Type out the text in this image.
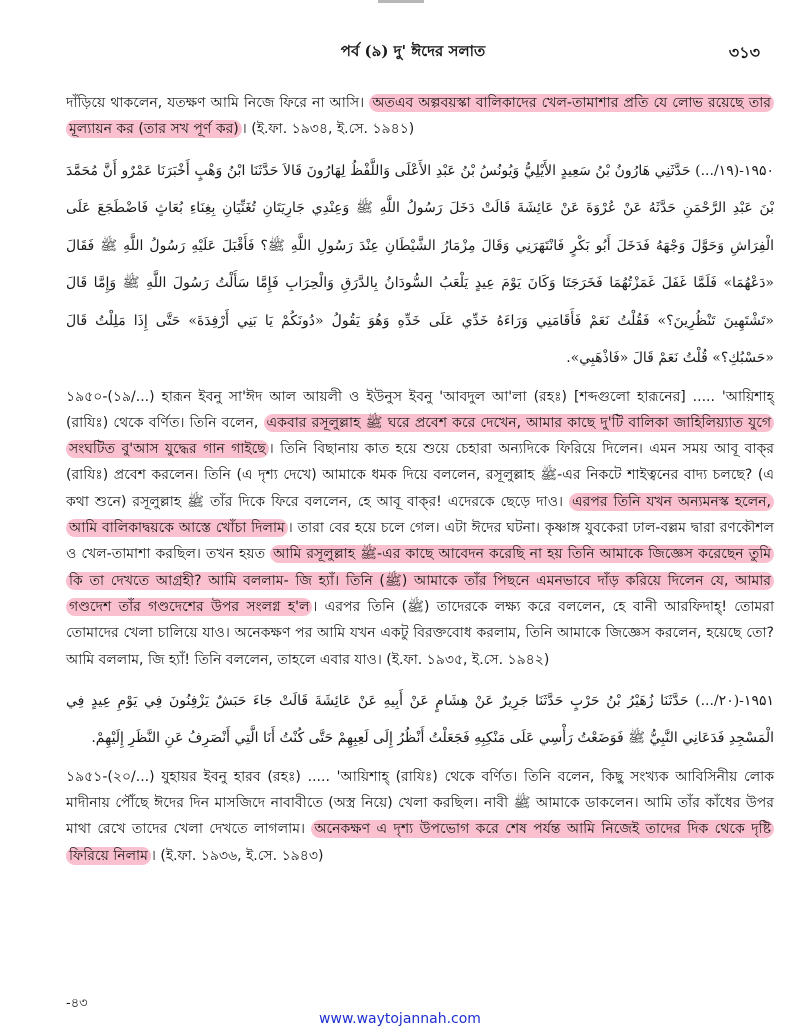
পর্ব (৯) দু' ঈদের সলাত	৩১৩

দাঁড়িয়ে থাকলেন, যতক্ষণ আমি নিজে ফিরে না আসি। অতএব অল্পবয়স্কা বালিকাদের খেল-তামাশার প্রতি যে লোভ রয়েছে তার মূল্যায়ন কর (তার সখ পূর্ণ কর) । (ই.ফা. ১৯৩৪, ই.সে. ১৯৪১)

۱۹۵۰-(۱۹/...) حَدَّثَنِي هَارُونُ بْنُ سَعِيدٍ الأَيْلِيُّ وَيُونُسُ بْنُ عَبْدِ الأَعْلَى وَاللَّفْظُ لِهَارُونَ قَالاَ حَدَّثَنَا ابْنُ وَهْبٍ أَخْبَرَنَا عَمْرٌو أَنَّ مُحَمَّدَ بْنَ عَبْدِ الرَّحْمَنِ حَدَّثَهُ عَنْ عُرْوَةَ عَنْ عَائِشَةَ قَالَتْ دَخَلَ رَسُولُ اللَّهِ ﷺ وَعِنْدِي جَارِيَتَانِ تُغَنِّيَانِ بِغِنَاءِ بُعَاثٍ فَاضْطَجَعَ عَلَى الْفِرَاشِ وَحَوَّلَ وَجْهَهُ فَدَخَلَ أَبُو بَكْرٍ فَانْتَهَرَنِي وَقَالَ مِزْمَارُ الشَّيْطَانِ عِنْدَ رَسُولِ اللَّهِ ﷺ؟ فَأَقْبَلَ عَلَيْهِ رَسُولُ اللَّهِ ﷺ فَقَالَ «دَعْهُمَا» فَلَمَّا غَفَلَ غَمَزْتُهُمَا فَخَرَجَتَا وَكَانَ يَوْمَ عِيدٍ يَلْعَبُ السُّودَانُ بِالدَّرَقِ وَالْحِرَابِ فَإِمَّا سَأَلْتُ رَسُولَ اللَّهِ ﷺ وَإِمَّا قَالَ «تَشْتَهِينَ تَنْظُرِينَ؟» فَقُلْتُ نَعَمْ فَأَقَامَنِي وَرَاءَهُ خَدِّي عَلَى خَدِّهِ وَهُوَ يَقُولُ «دُونَكُمْ يَا بَنِي أَرْفِدَةَ» حَتَّى إِذَا مَلِلْتُ قَالَ «حَسْبُكِ؟» قُلْتُ نَعَمْ قَالَ «فَاذْهَبِي».

১৯৫০-(১৯/...) হারূন ইবনু সা'ঈদ আল আয়লী ও ইউনুস ইবনু 'আবদুল আ'লা (রহঃ) [শব্দগুলো হারূনের] ..... 'আয়িশাহ্ (রাযিঃ) থেকে বর্ণিত। তিনি বলেন, একবার রসূলুল্লাহ ﷺ ঘরে প্রবেশ করে দেখেন, আমার কাছে দু'টি বালিকা জাহিলিয়্যাত যুগে সংঘটিত বু'আস যুদ্ধের গান গাইছে । তিনি বিছানায় কাত হয়ে শুয়ে চেহারা অন্যদিকে ফিরিয়ে দিলেন। এমন সময় আবূ বাক্‌র (রাযিঃ) প্রবেশ করলেন। তিনি (এ দৃশ্য দেখে) আমাকে ধমক দিয়ে বললেন, রসূলুল্লাহ ﷺ-এর নিকটে শাইত্বনের বাদ্য চলছে? (এ কথা শুনে) রসূলুল্লাহ ﷺ তাঁর দিকে ফিরে বললেন, হে আবূ বাক্‌র! এদেরকে ছেড়ে দাও। এরপর তিনি যখন অন্যমনস্ক হলেন, আমি বালিকাদ্বয়কে আস্তে খোঁচা দিলাম । তারা বের হয়ে চলে গেল। এটা ঈদের ঘটনা। কৃষ্ণাঙ্গ যুবকেরা ঢাল-বল্লম দ্বারা রণকৌশল ও খেল-তামাশা করছিল। তখন হয়ত আমি রসূলুল্লাহ ﷺ-এর কাছে আবেদন করেছি না হয় তিনি আমাকে জিজ্ঞেস করেছেন তুমি কি তা দেখতে আগ্রহী? আমি বললাম- জি হ্যাঁ। তিনি (ﷺ) আমাকে তাঁর পিছনে এমনভাবে দাঁড় করিয়ে দিলেন যে, আমার গণ্ডদেশ তাঁর গণ্ডদেশের উপর সংলগ্ন হ'ল । এরপর তিনি (ﷺ) তাদেরকে লক্ষ্য করে বললেন, হে বানী আরফিদাহ্! তোমরা তোমাদের খেলা চালিয়ে যাও। অনেকক্ষণ পর আমি যখন একটু বিরক্তবোধ করলাম, তিনি আমাকে জিজ্ঞেস করলেন, হয়েছে তো? আমি বললাম, জি হ্যাঁ! তিনি বললেন, তাহলে এবার যাও। (ই.ফা. ১৯৩৫, ই.সে. ১৯৪২)

۱۹۵۱-(۲۰/...) حَدَّثَنَا زُهَيْرُ بْنُ حَرْبٍ حَدَّثَنَا جَرِيرٌ عَنْ هِشَامٍ عَنْ أَبِيهِ عَنْ عَائِشَةَ قَالَتْ جَاءَ حَبَشٌ يَزْفِنُونَ فِي يَوْمِ عِيدٍ فِي الْمَسْجِدِ فَدَعَانِي النَّبِيُّ ﷺ فَوَضَعْتُ رَأْسِي عَلَى مَنْكِبِهِ فَجَعَلْتُ أَنْظُرُ إِلَى لَعِبِهِمْ حَتَّى كُنْتُ أَنَا الَّتِي أَنْصَرِفُ عَنِ النَّظَرِ إِلَيْهِمْ.

১৯৫১-(২০/...) যুহায়র ইবনু হারব (রহঃ) ..... 'আয়িশাহ্ (রাযিঃ) থেকে বর্ণিত। তিনি বলেন, কিছু সংখ্যক আবিসিনীয় লোক মাদীনায় পৌঁছে ঈদের দিন মাসজিদে নাবাবীতে (অস্ত্র নিয়ে) খেলা করছিল। নাবী ﷺ আমাকে ডাকলেন। আমি তাঁর কাঁধের উপর মাথা রেখে তাদের খেলা দেখতে লাগলাম। অনেকক্ষণ এ দৃশ্য উপভোগ করে শেষ পর্যন্ত আমি নিজেই তাদের দিক থেকে দৃষ্টি ফিরিয়ে নিলাম । (ই.ফা. ১৯৩৬, ই.সে. ১৯৪৩)

-৪৩
www.waytojannah.com
